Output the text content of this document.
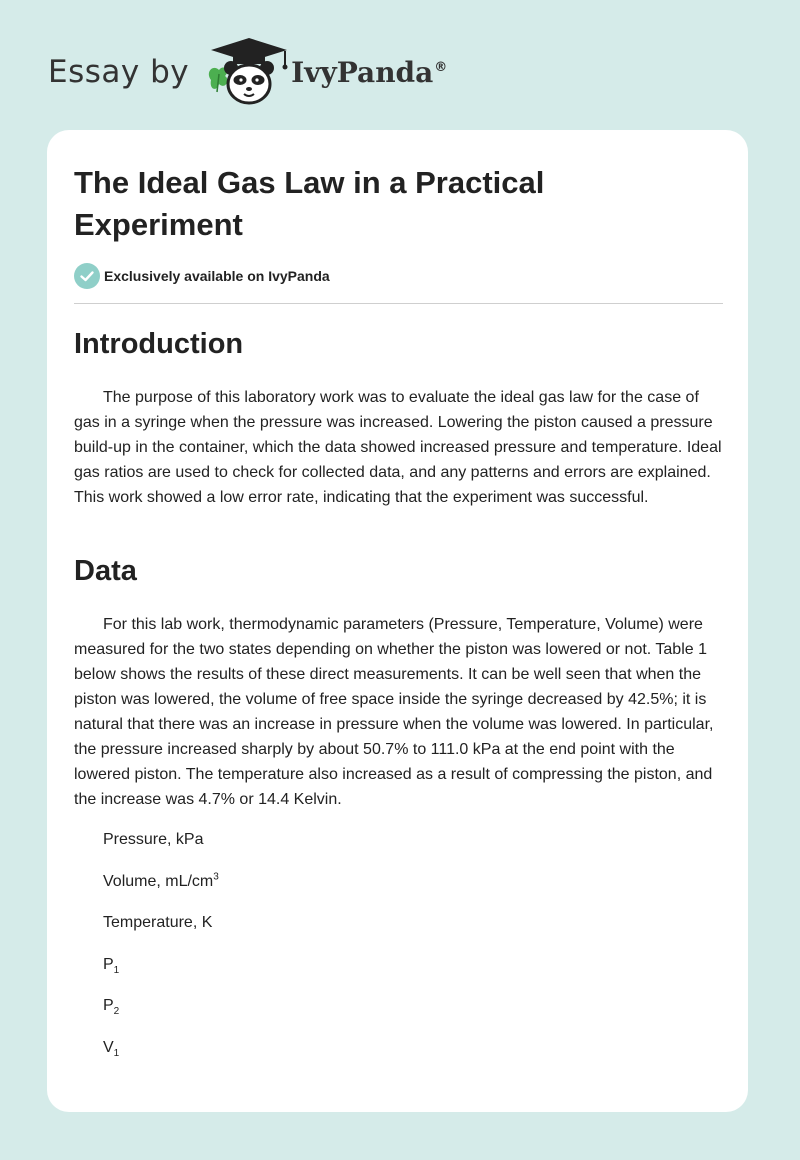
Essay by	IvyPanda®
The Ideal Gas Law in a Practical Experiment
Exclusively available on IvyPanda
Introduction

The purpose of this laboratory work was to evaluate the ideal gas law for the case of gas in a syringe when the pressure was increased. Lowering the piston caused a pressure build-up in the container, which the data showed increased pressure and temperature. Ideal gas ratios are used to check for collected data, and any patterns and errors are explained. This work showed a low error rate, indicating that the experiment was successful.

Data

For this lab work, thermodynamic parameters (Pressure, Temperature, Volume) were measured for the two states depending on whether the piston was lowered or not. Table 1 below shows the results of these direct measurements. It can be well seen that when the piston was lowered, the volume of free space inside the syringe decreased by 42.5%; it is natural that there was an increase in pressure when the volume was lowered. In particular, the pressure increased sharply by about 50.7% to 111.0 kPa at the end point with the lowered piston. The temperature also increased as a result of compressing the piston, and the increase was 4.7% or 14.4 Kelvin.

Pressure, kPa
Volume, $mL/cm^3$
Temperature, K
$P_1$
$P_2$
$V_1$
